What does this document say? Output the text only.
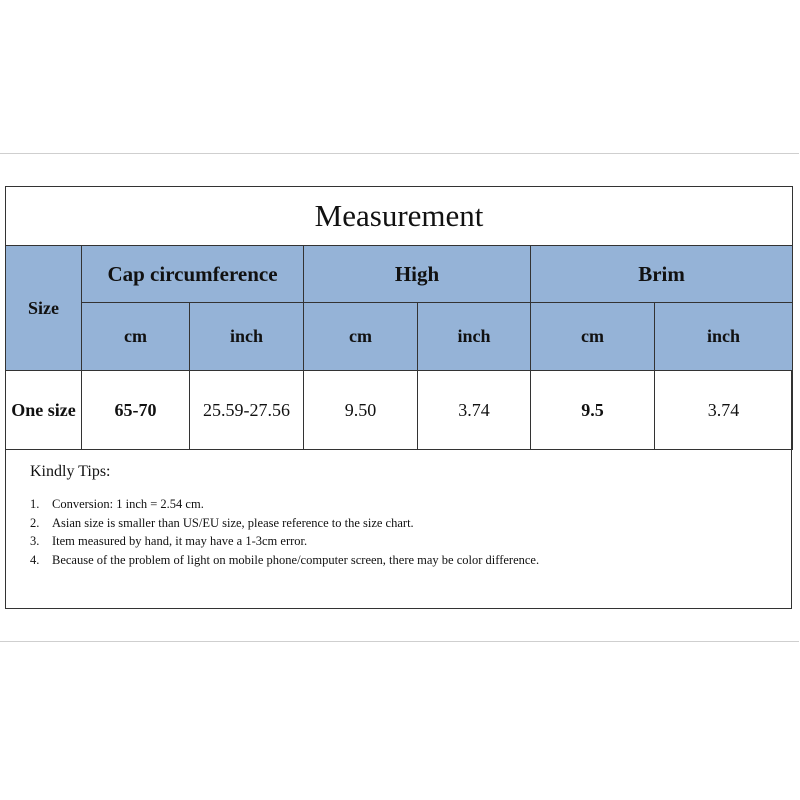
Measurement						
Size	Cap circumference		High		Brim	
	cm	inch	cm	inch	cm	inch
One size	65-70	25.59-27.56	9.50	3.74	9.5	3.74

Kindly Tips:

1. Conversion: 1 inch = 2.54 cm.
2. Asian size is smaller than US/EU size, please reference to the size chart.
3. Item measured by hand, it may have a 1-3cm error.
4. Because of the problem of light on mobile phone/computer screen, there may be color difference.
